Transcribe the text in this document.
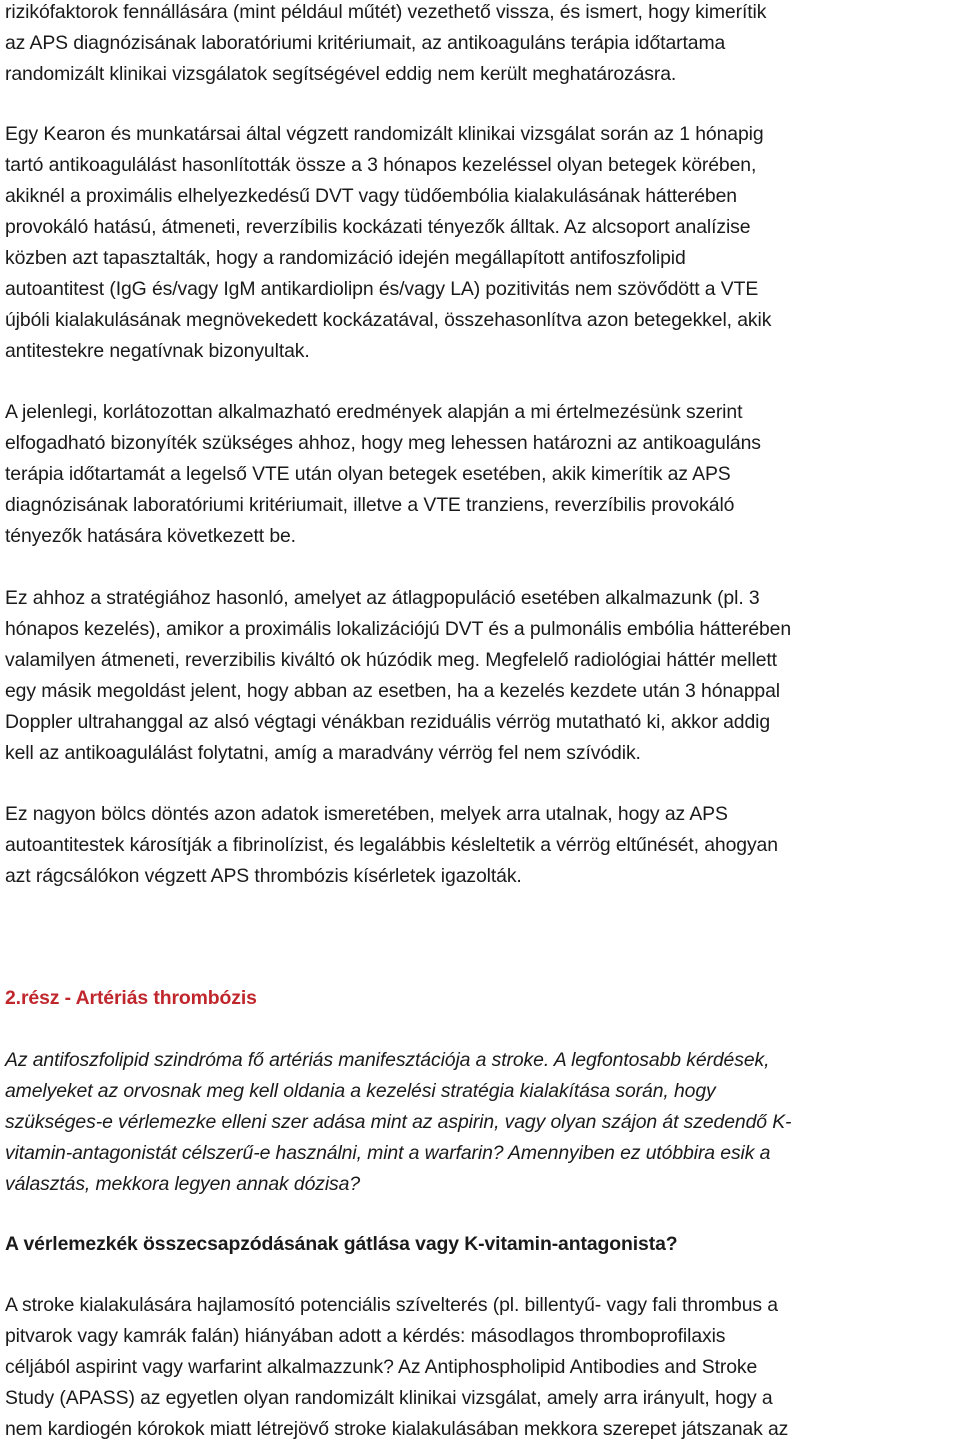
rizikófaktorok fennállására (mint például műtét) vezethető vissza, és ismert, hogy kimerítik
az APS diagnózisának laboratóriumi kritériumait, az antikoaguláns terápia időtartama
randomizált klinikai vizsgálatok segítségével eddig nem került meghatározásra.
Egy Kearon és munkatársai által végzett randomizált klinikai vizsgálat során az 1 hónapig
tartó antikoagulálást hasonlították össze a 3 hónapos kezeléssel olyan betegek körében,
akiknél a proximális elhelyezkedésű DVT vagy tüdőembólia kialakulásának hátterében
provokáló hatású, átmeneti, reverzíbilis kockázati tényezők álltak. Az alcsoport analízise
közben azt tapasztalták, hogy a randomizáció idején megállapított antifoszfolipid
autoantitest (IgG és/vagy IgM antikardiolipn és/vagy LA) pozitivitás nem szövődött a VTE
újbóli kialakulásának megnövekedett kockázatával, összehasonlítva azon betegekkel, akik
antitestekre negatívnak bizonyultak.
A jelenlegi, korlátozottan alkalmazható eredmények alapján a mi értelmezésünk szerint
elfogadható bizonyíték szükséges ahhoz, hogy meg lehessen határozni az antikoaguláns
terápia időtartamát a legelső VTE után olyan betegek esetében, akik kimerítik az APS
diagnózisának laboratóriumi kritériumait, illetve a VTE tranziens, reverzíbilis provokáló
tényezők hatására következett be.
Ez ahhoz a stratégiához hasonló, amelyet az átlagpopuláció esetében alkalmazunk (pl. 3
hónapos kezelés), amikor a proximális lokalizációjú DVT és a pulmonális embólia hátterében
valamilyen átmeneti, reverzibilis kiváltó ok húzódik meg. Megfelelő radiológiai háttér mellett
egy másik megoldást jelent, hogy abban az esetben, ha a kezelés kezdete után 3 hónappal
Doppler ultrahanggal az alsó végtagi vénákban reziduális vérrög mutatható ki, akkor addig
kell az antikoagulálást folytatni, amíg a maradvány vérrög fel nem szívódik.
Ez nagyon bölcs döntés azon adatok ismeretében, melyek arra utalnak, hogy az APS
autoantitestek károsítják a fibrinolízist, és legalábbis késleltetik a vérrög eltűnését, ahogyan
azt rágcsálókon végzett APS thrombózis kísérletek igazolták.
2.rész - Artériás thrombózis
Az antifoszfolipid szindróma fő artériás manifesztációja a stroke. A legfontosabb kérdések,
amelyeket az orvosnak meg kell oldania a kezelési stratégia kialakítása során, hogy
szükséges-e vérlemezke elleni szer adása mint az aspirin, vagy olyan szájon át szedendő K-
vitamin-antagonistát célszerű-e használni, mint a warfarin? Amennyiben ez utóbbira esik a
választás, mekkora legyen annak dózisa?
A vérlemezkék összecsapzódásának gátlása vagy K-vitamin-antagonista?
A stroke kialakulására hajlamosító potenciális szívelterés (pl. billentyű- vagy fali thrombus a
pitvarok vagy kamrák falán) hiányában adott a kérdés: másodlagos thromboprofilaxis
céljából aspirint vagy warfarint alkalmazzunk? Az Antiphospholipid Antibodies and Stroke
Study (APASS) az egyetlen olyan randomizált klinikai vizsgálat, amely arra irányult, hogy a
nem kardiogén kórokok miatt létrejövő stroke kialakulásában mekkora szerepet játszanak az
